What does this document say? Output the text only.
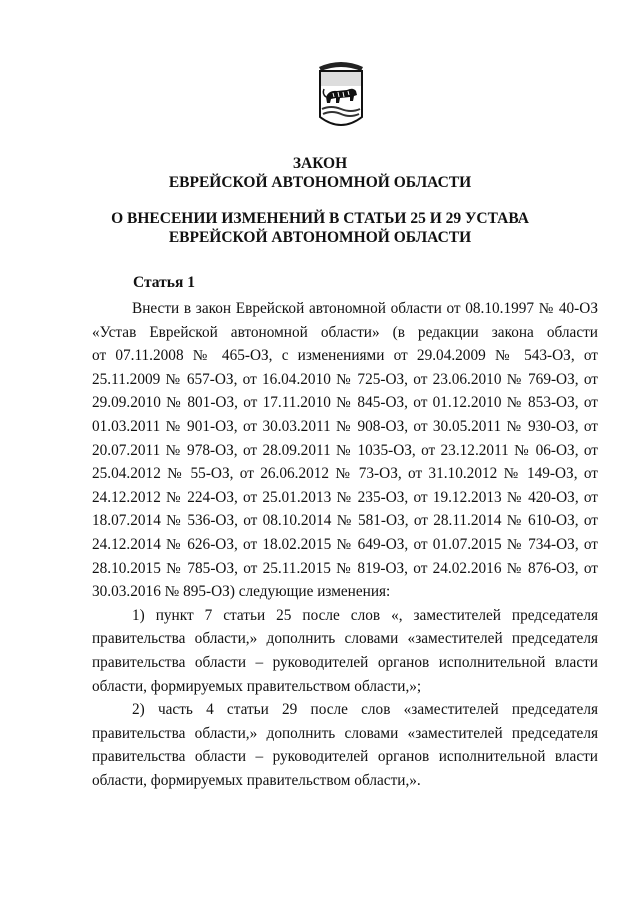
ЗАКОН
ЕВРЕЙСКОЙ АВТОНОМНОЙ ОБЛАСТИ
О ВНЕСЕНИИ ИЗМЕНЕНИЙ В СТАТЬИ 25 И 29 УСТАВА
ЕВРЕЙСКОЙ АВТОНОМНОЙ ОБЛАСТИ
Статья 1
Внести в закон Еврейской автономной области от 08.10.1997 № 40-ОЗ
«Устав Еврейской автономной области» (в редакции закона области
от 07.11.2008 № 465-ОЗ, с изменениями от 29.04.2009 № 543-ОЗ, от
25.11.2009 № 657-ОЗ, от 16.04.2010 № 725-ОЗ, от 23.06.2010 № 769-ОЗ, от
29.09.2010 № 801-ОЗ, от 17.11.2010 № 845-ОЗ, от 01.12.2010 № 853-ОЗ, от
01.03.2011 № 901-ОЗ, от 30.03.2011 № 908-ОЗ, от 30.05.2011 № 930-ОЗ, от
20.07.2011 № 978-ОЗ, от 28.09.2011 № 1035-ОЗ, от 23.12.2011 № 06-ОЗ, от
25.04.2012 № 55-ОЗ, от 26.06.2012 № 73-ОЗ, от 31.10.2012 № 149-ОЗ, от
24.12.2012 № 224-ОЗ, от 25.01.2013 № 235-ОЗ, от 19.12.2013 № 420-ОЗ, от
18.07.2014 № 536-ОЗ, от 08.10.2014 № 581-ОЗ, от 28.11.2014 № 610-ОЗ, от
24.12.2014 № 626-ОЗ, от 18.02.2015 № 649-ОЗ, от 01.07.2015 № 734-ОЗ, от
28.10.2015 № 785-ОЗ, от 25.11.2015 № 819-ОЗ, от 24.02.2016 № 876-ОЗ, от
30.03.2016 № 895-ОЗ) следующие изменения:
1) пункт 7 статьи 25 после слов «, заместителей председателя
правительства области,» дополнить словами «заместителей председателя
правительства области – руководителей органов исполнительной власти
области, формируемых правительством области,»;
2) часть 4 статьи 29 после слов «заместителей председателя
правительства области,» дополнить словами «заместителей председателя
правительства области – руководителей органов исполнительной власти
области, формируемых правительством области,».
